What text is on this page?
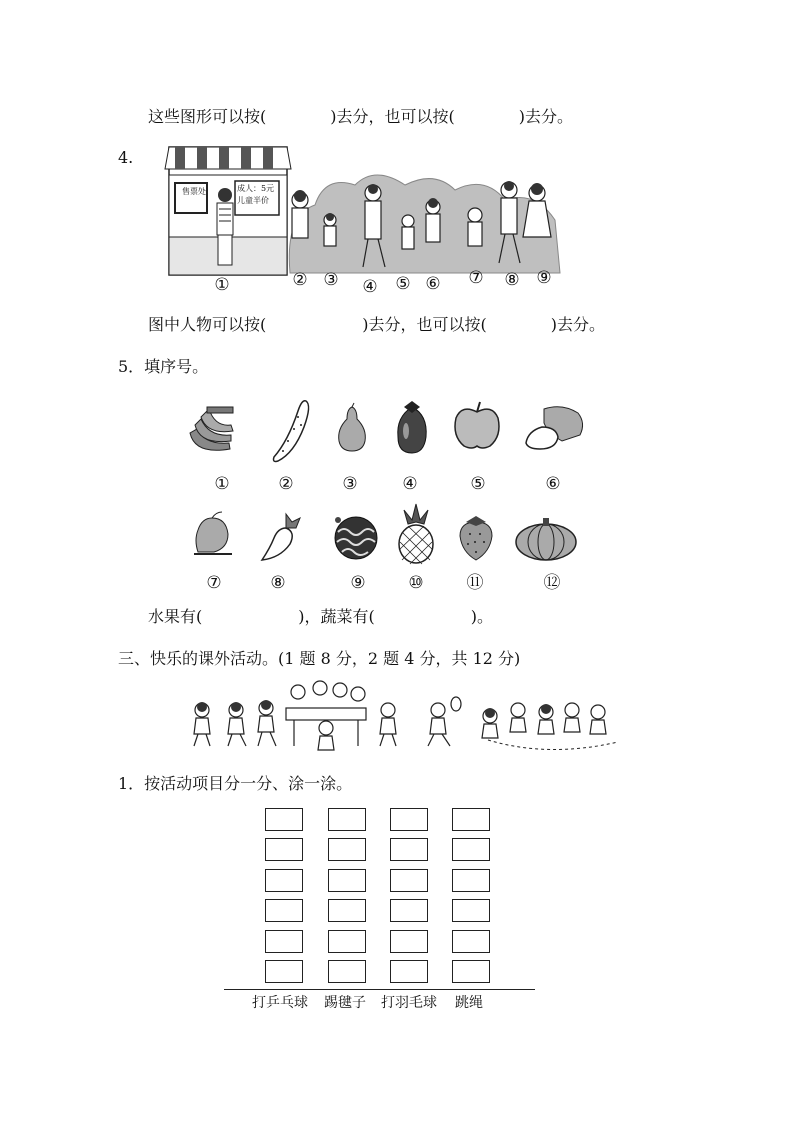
这些图形可以按(　　　　)去分，也可以按(　　　　)去分。
4.
售票处	成人：5元
儿童半价
①	② ③	④	⑤ ⑥	⑦	⑧ ⑨
图中人物可以按(　　　　　　)去分，也可以按(　　　　)去分。
5．填序号。
①	②	③	④	⑤	⑥
⑦	⑧	⑨	⑩	⑪	⑫
水果有(　　　　　　)，蔬菜有(　　　　　　)。
三、快乐的课外活动。(1 题 8 分，2 题 4 分，共 12 分)
1．按活动项目分一分、涂一涂。
打乒乓球 踢毽子 打羽毛球 跳绳
